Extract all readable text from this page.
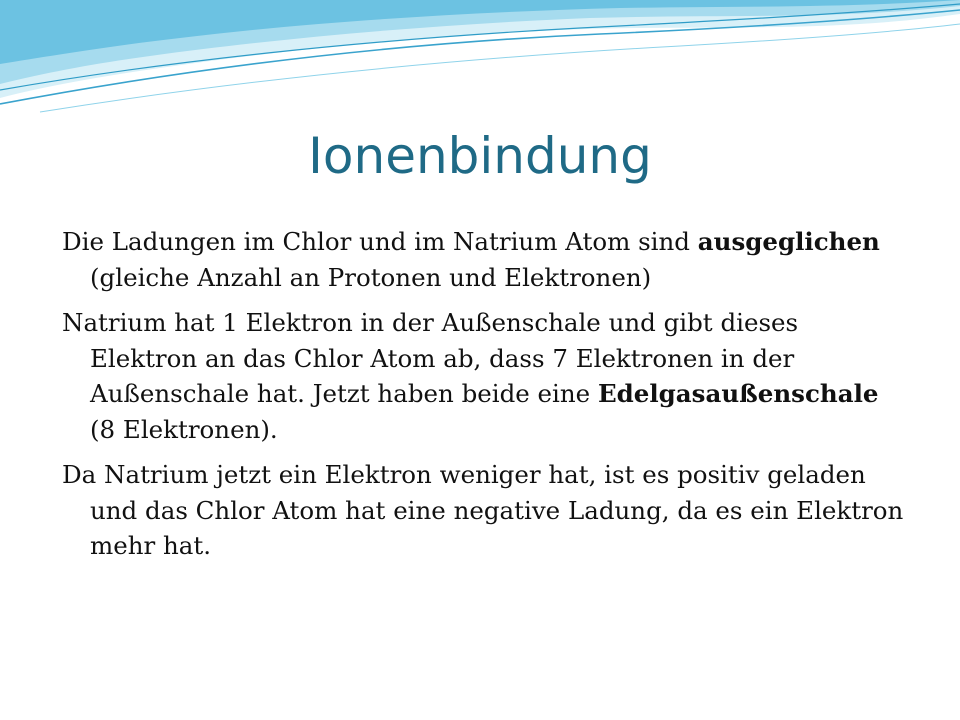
Ionenbindung

Die Ladungen im Chlor und im Natrium Atom sind ausgeglichen (gleiche Anzahl an Protonen und Elektronen)

Natrium hat 1 Elektron in der Außenschale und gibt dieses Elektron an das Chlor Atom ab, dass 7 Elektronen in der Außenschale hat. Jetzt haben beide eine Edelgasaußenschale (8 Elektronen).

Da Natrium jetzt ein Elektron weniger hat, ist es positiv geladen und das Chlor Atom hat eine negative Ladung, da es ein Elektron mehr hat.
